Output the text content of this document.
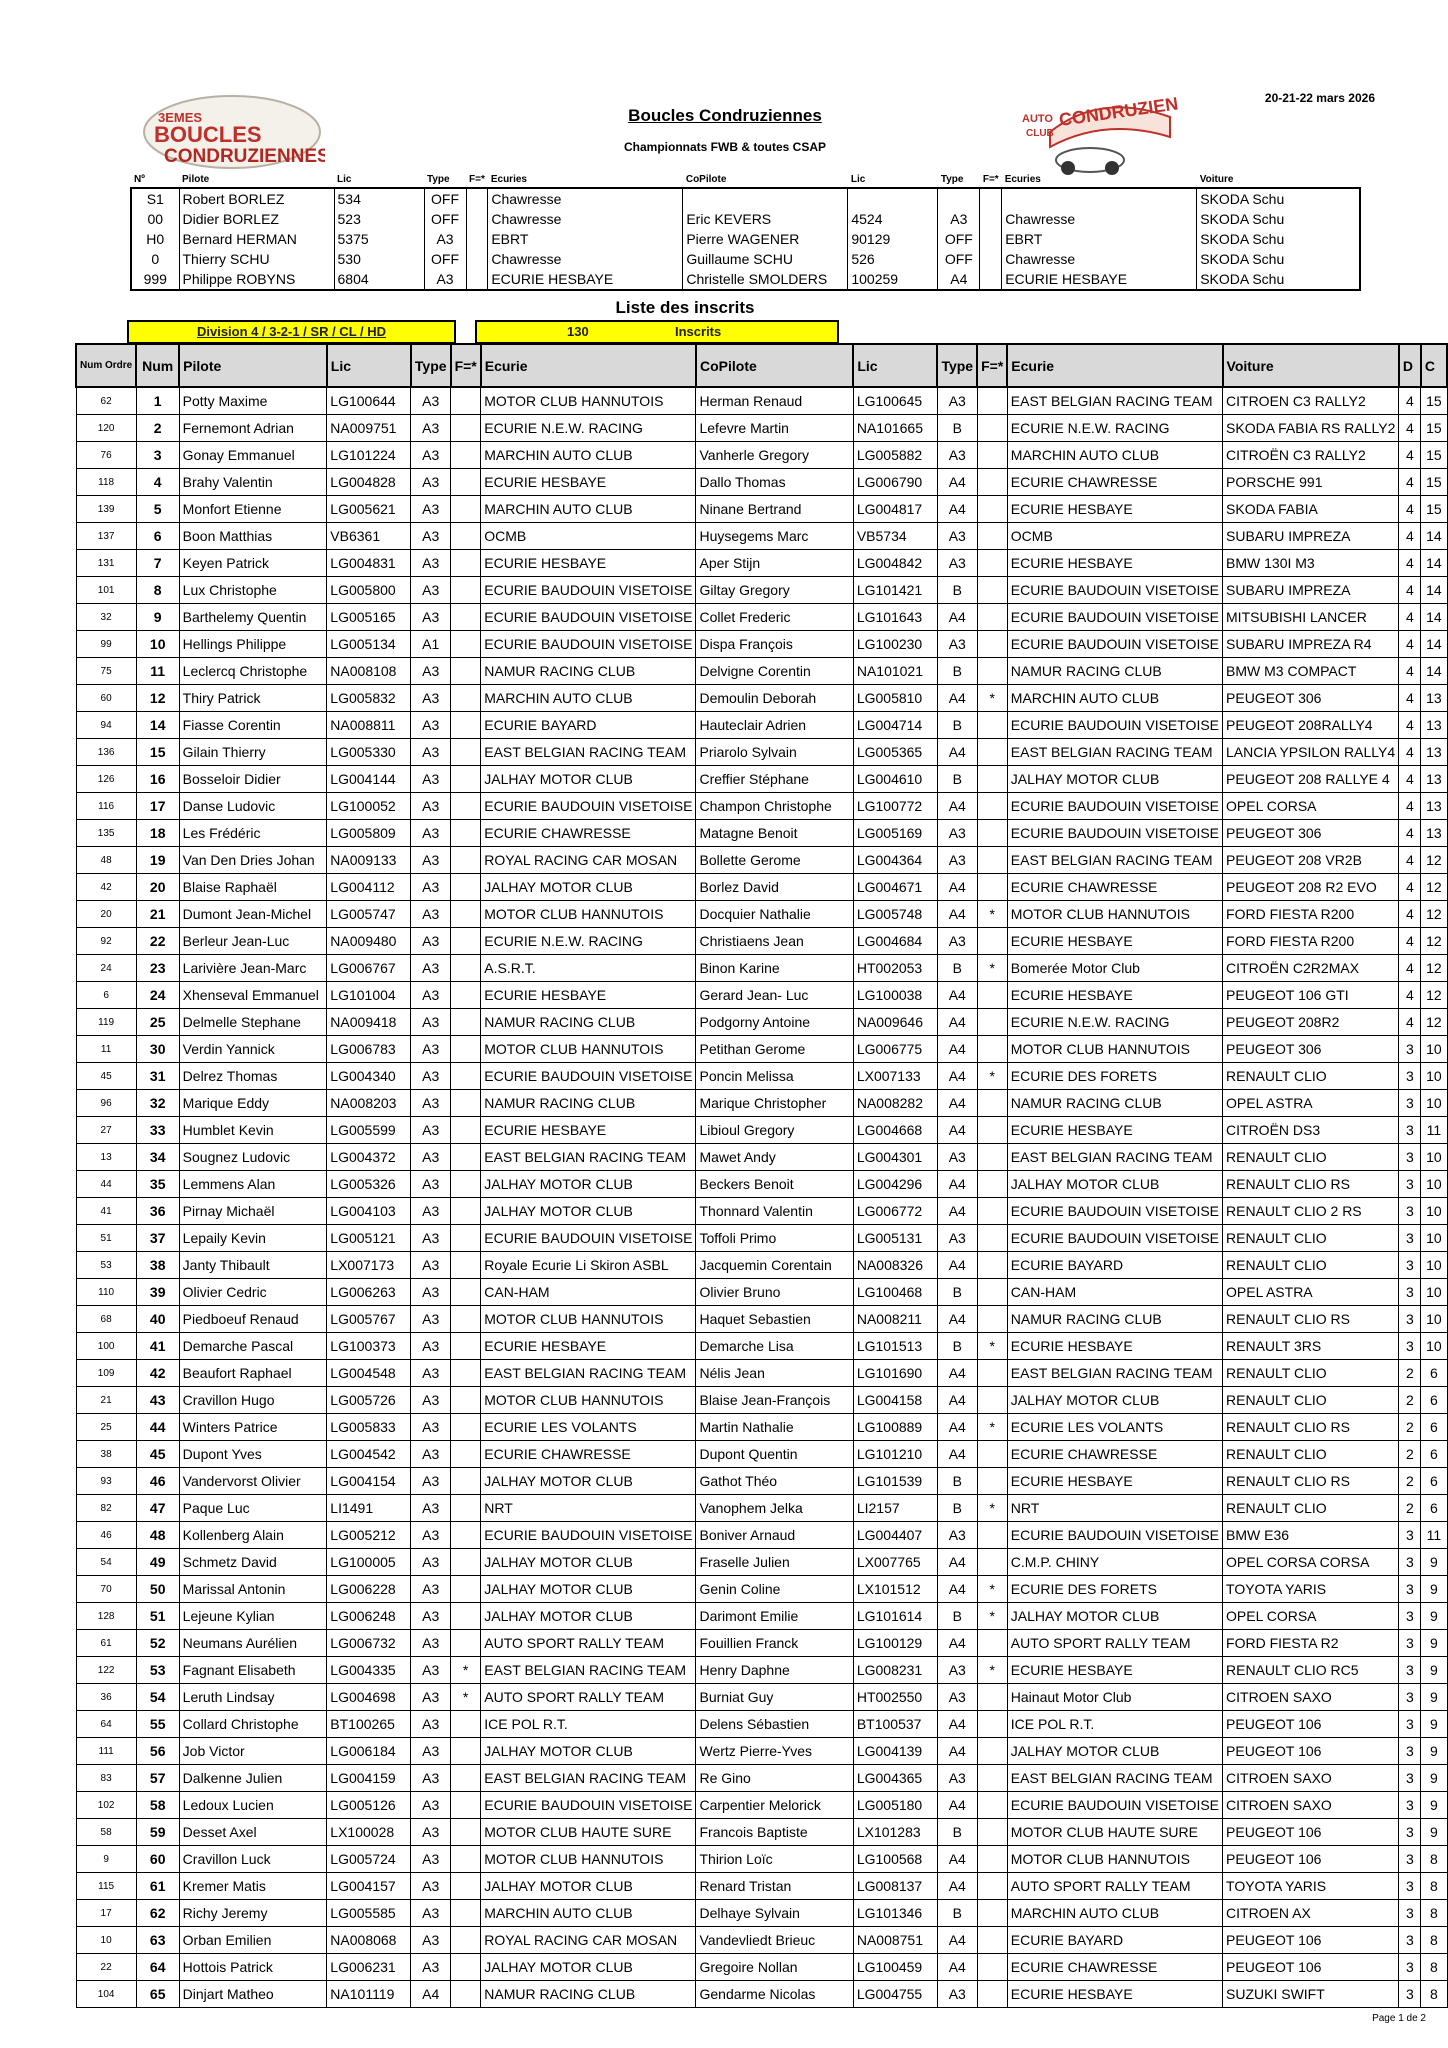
3EMES
BOUCLES
CONDRUZIENNES
AUTO
CLUB
CONDRUZIEN
Boucles Condruziennes
Championnats FWB & toutes CSAP
20-21-22 mars 2026
Nº	Pilote	Lic	Type	F=*	Ecuries	CoPilote	Lic	Type	F=*	Ecuries	Voiture
S1	Robert BORLEZ	534	OFF		Chawresse						SKODA Schu
00	Didier BORLEZ	523	OFF		Chawresse	Eric KEVERS	4524	A3		Chawresse	SKODA Schu
H0	Bernard HERMAN	5375	A3		EBRT	Pierre WAGENER	90129	OFF		EBRT	SKODA Schu
0	Thierry SCHU	530	OFF		Chawresse	Guillaume SCHU	526	OFF		Chawresse	SKODA Schu
999	Philippe ROBYNS	6804	A3		ECURIE HESBAYE	Christelle SMOLDERS	100259	A4		ECURIE HESBAYE	SKODA Schu
Liste des inscrits
Division 4 / 3-2-1 / SR / CL / HD	130	Inscrits
Num Ordre	Num	Pilote	Lic	Type	F=*	Ecurie	CoPilote	Lic	Type	F=*	Ecurie	Voiture	D	C
62	1	Potty Maxime	LG100644	A3		MOTOR CLUB HANNUTOIS	Herman Renaud	LG100645	A3		EAST BELGIAN RACING TEAM	CITROEN C3 RALLY2	4	15
120	2	Fernemont Adrian	NA009751	A3		ECURIE N.E.W. RACING	Lefevre Martin	NA101665	B		ECURIE N.E.W. RACING	SKODA FABIA RS RALLY2	4	15
76	3	Gonay Emmanuel	LG101224	A3		MARCHIN AUTO CLUB	Vanherle Gregory	LG005882	A3		MARCHIN AUTO CLUB	CITROËN C3 RALLY2	4	15
118	4	Brahy Valentin	LG004828	A3		ECURIE HESBAYE	Dallo Thomas	LG006790	A4		ECURIE CHAWRESSE	PORSCHE 991	4	15
139	5	Monfort Etienne	LG005621	A3		MARCHIN AUTO CLUB	Ninane Bertrand	LG004817	A4		ECURIE HESBAYE	SKODA FABIA	4	15
137	6	Boon Matthias	VB6361	A3		OCMB	Huysegems Marc	VB5734	A3		OCMB	SUBARU IMPREZA	4	14
131	7	Keyen Patrick	LG004831	A3		ECURIE HESBAYE	Aper Stijn	LG004842	A3		ECURIE HESBAYE	BMW 130I M3	4	14
101	8	Lux Christophe	LG005800	A3		ECURIE BAUDOUIN VISETOISE	Giltay Gregory	LG101421	B		ECURIE BAUDOUIN VISETOISE	SUBARU IMPREZA	4	14
32	9	Barthelemy Quentin	LG005165	A3		ECURIE BAUDOUIN VISETOISE	Collet Frederic	LG101643	A4		ECURIE BAUDOUIN VISETOISE	MITSUBISHI LANCER	4	14
99	10	Hellings Philippe	LG005134	A1		ECURIE BAUDOUIN VISETOISE	Dispa François	LG100230	A3		ECURIE BAUDOUIN VISETOISE	SUBARU IMPREZA R4	4	14
75	11	Leclercq Christophe	NA008108	A3		NAMUR RACING CLUB	Delvigne Corentin	NA101021	B		NAMUR RACING CLUB	BMW M3 COMPACT	4	14
60	12	Thiry Patrick	LG005832	A3		MARCHIN AUTO CLUB	Demoulin Deborah	LG005810	A4	*	MARCHIN AUTO CLUB	PEUGEOT 306	4	13
94	14	Fiasse Corentin	NA008811	A3		ECURIE BAYARD	Hauteclair Adrien	LG004714	B		ECURIE BAUDOUIN VISETOISE	PEUGEOT 208RALLY4	4	13
136	15	Gilain Thierry	LG005330	A3		EAST BELGIAN RACING TEAM	Priarolo Sylvain	LG005365	A4		EAST BELGIAN RACING TEAM	LANCIA YPSILON RALLY4	4	13
126	16	Bosseloir Didier	LG004144	A3		JALHAY MOTOR CLUB	Creffier Stéphane	LG004610	B		JALHAY MOTOR CLUB	PEUGEOT 208 RALLYE 4	4	13
116	17	Danse Ludovic	LG100052	A3		ECURIE BAUDOUIN VISETOISE	Champon Christophe	LG100772	A4		ECURIE BAUDOUIN VISETOISE	OPEL CORSA	4	13
135	18	Les Frédéric	LG005809	A3		ECURIE CHAWRESSE	Matagne Benoit	LG005169	A3		ECURIE BAUDOUIN VISETOISE	PEUGEOT 306	4	13
48	19	Van Den Dries Johan	NA009133	A3		ROYAL RACING CAR MOSAN	Bollette Gerome	LG004364	A3		EAST BELGIAN RACING TEAM	PEUGEOT 208 VR2B	4	12
42	20	Blaise Raphaël	LG004112	A3		JALHAY MOTOR CLUB	Borlez David	LG004671	A4		ECURIE CHAWRESSE	PEUGEOT 208 R2 EVO	4	12
20	21	Dumont Jean-Michel	LG005747	A3		MOTOR CLUB HANNUTOIS	Docquier Nathalie	LG005748	A4	*	MOTOR CLUB HANNUTOIS	FORD FIESTA R200	4	12
92	22	Berleur Jean-Luc	NA009480	A3		ECURIE N.E.W. RACING	Christiaens Jean	LG004684	A3		ECURIE HESBAYE	FORD FIESTA R200	4	12
24	23	Larivière Jean-Marc	LG006767	A3		A.S.R.T.	Binon Karine	HT002053	B	*	Bomerée Motor Club	CITROËN C2R2MAX	4	12
6	24	Xhenseval Emmanuel	LG101004	A3		ECURIE HESBAYE	Gerard Jean- Luc	LG100038	A4		ECURIE HESBAYE	PEUGEOT 106 GTI	4	12
119	25	Delmelle Stephane	NA009418	A3		NAMUR RACING CLUB	Podgorny Antoine	NA009646	A4		ECURIE N.E.W. RACING	PEUGEOT 208R2	4	12
11	30	Verdin Yannick	LG006783	A3		MOTOR CLUB HANNUTOIS	Petithan Gerome	LG006775	A4		MOTOR CLUB HANNUTOIS	PEUGEOT 306	3	10
45	31	Delrez Thomas	LG004340	A3		ECURIE BAUDOUIN VISETOISE	Poncin Melissa	LX007133	A4	*	ECURIE DES FORETS	RENAULT CLIO	3	10
96	32	Marique Eddy	NA008203	A3		NAMUR RACING CLUB	Marique Christopher	NA008282	A4		NAMUR RACING CLUB	OPEL ASTRA	3	10
27	33	Humblet Kevin	LG005599	A3		ECURIE HESBAYE	Libioul Gregory	LG004668	A4		ECURIE HESBAYE	CITROËN DS3	3	11
13	34	Sougnez Ludovic	LG004372	A3		EAST BELGIAN RACING TEAM	Mawet Andy	LG004301	A3		EAST BELGIAN RACING TEAM	RENAULT CLIO	3	10
44	35	Lemmens Alan	LG005326	A3		JALHAY MOTOR CLUB	Beckers Benoit	LG004296	A4		JALHAY MOTOR CLUB	RENAULT CLIO RS	3	10
41	36	Pirnay Michaël	LG004103	A3		JALHAY MOTOR CLUB	Thonnard Valentin	LG006772	A4		ECURIE BAUDOUIN VISETOISE	RENAULT CLIO 2 RS	3	10
51	37	Lepaily Kevin	LG005121	A3		ECURIE BAUDOUIN VISETOISE	Toffoli Primo	LG005131	A3		ECURIE BAUDOUIN VISETOISE	RENAULT CLIO	3	10
53	38	Janty Thibault	LX007173	A3		Royale Ecurie Li Skiron ASBL	Jacquemin Corentain	NA008326	A4		ECURIE BAYARD	RENAULT CLIO	3	10
110	39	Olivier Cedric	LG006263	A3		CAN-HAM	Olivier Bruno	LG100468	B		CAN-HAM	OPEL ASTRA	3	10
68	40	Piedboeuf Renaud	LG005767	A3		MOTOR CLUB HANNUTOIS	Haquet Sebastien	NA008211	A4		NAMUR RACING CLUB	RENAULT CLIO RS	3	10
100	41	Demarche Pascal	LG100373	A3		ECURIE HESBAYE	Demarche Lisa	LG101513	B	*	ECURIE HESBAYE	RENAULT 3RS	3	10
109	42	Beaufort Raphael	LG004548	A3		EAST BELGIAN RACING TEAM	Nélis Jean	LG101690	A4		EAST BELGIAN RACING TEAM	RENAULT CLIO	2	6
21	43	Cravillon Hugo	LG005726	A3		MOTOR CLUB HANNUTOIS	Blaise Jean-François	LG004158	A4		JALHAY MOTOR CLUB	RENAULT CLIO	2	6
25	44	Winters Patrice	LG005833	A3		ECURIE LES VOLANTS	Martin Nathalie	LG100889	A4	*	ECURIE LES VOLANTS	RENAULT CLIO RS	2	6
38	45	Dupont Yves	LG004542	A3		ECURIE CHAWRESSE	Dupont Quentin	LG101210	A4		ECURIE CHAWRESSE	RENAULT CLIO	2	6
93	46	Vandervorst Olivier	LG004154	A3		JALHAY MOTOR CLUB	Gathot Théo	LG101539	B		ECURIE HESBAYE	RENAULT CLIO RS	2	6
82	47	Paque Luc	LI1491	A3		NRT	Vanophem Jelka	LI2157	B	*	NRT	RENAULT CLIO	2	6
46	48	Kollenberg Alain	LG005212	A3		ECURIE BAUDOUIN VISETOISE	Boniver Arnaud	LG004407	A3		ECURIE BAUDOUIN VISETOISE	BMW E36	3	11
54	49	Schmetz David	LG100005	A3		JALHAY MOTOR CLUB	Fraselle Julien	LX007765	A4		C.M.P. CHINY	OPEL CORSA CORSA	3	9
70	50	Marissal Antonin	LG006228	A3		JALHAY MOTOR CLUB	Genin Coline	LX101512	A4	*	ECURIE DES FORETS	TOYOTA YARIS	3	9
128	51	Lejeune Kylian	LG006248	A3		JALHAY MOTOR CLUB	Darimont Emilie	LG101614	B	*	JALHAY MOTOR CLUB	OPEL CORSA	3	9
61	52	Neumans Aurélien	LG006732	A3		AUTO SPORT RALLY TEAM	Fouillien Franck	LG100129	A4		AUTO SPORT RALLY TEAM	FORD FIESTA R2	3	9
122	53	Fagnant Elisabeth	LG004335	A3	*	EAST BELGIAN RACING TEAM	Henry Daphne	LG008231	A3	*	ECURIE HESBAYE	RENAULT CLIO RC5	3	9
36	54	Leruth Lindsay	LG004698	A3	*	AUTO SPORT RALLY TEAM	Burniat Guy	HT002550	A3		Hainaut Motor Club	CITROEN SAXO	3	9
64	55	Collard Christophe	BT100265	A3		ICE POL R.T.	Delens Sébastien	BT100537	A4		ICE POL R.T.	PEUGEOT 106	3	9
111	56	Job Victor	LG006184	A3		JALHAY MOTOR CLUB	Wertz Pierre-Yves	LG004139	A4		JALHAY MOTOR CLUB	PEUGEOT 106	3	9
83	57	Dalkenne Julien	LG004159	A3		EAST BELGIAN RACING TEAM	Re Gino	LG004365	A3		EAST BELGIAN RACING TEAM	CITROEN SAXO	3	9
102	58	Ledoux Lucien	LG005126	A3		ECURIE BAUDOUIN VISETOISE	Carpentier Melorick	LG005180	A4		ECURIE BAUDOUIN VISETOISE	CITROEN SAXO	3	9
58	59	Desset Axel	LX100028	A3		MOTOR CLUB HAUTE SURE	Francois Baptiste	LX101283	B		MOTOR CLUB HAUTE SURE	PEUGEOT 106	3	9
9	60	Cravillon Luck	LG005724	A3		MOTOR CLUB HANNUTOIS	Thirion Loïc	LG100568	A4		MOTOR CLUB HANNUTOIS	PEUGEOT 106	3	8
115	61	Kremer Matis	LG004157	A3		JALHAY MOTOR CLUB	Renard Tristan	LG008137	A4		AUTO SPORT RALLY TEAM	TOYOTA YARIS	3	8
17	62	Richy Jeremy	LG005585	A3		MARCHIN AUTO CLUB	Delhaye Sylvain	LG101346	B		MARCHIN AUTO CLUB	CITROEN AX	3	8
10	63	Orban Emilien	NA008068	A3		ROYAL RACING CAR MOSAN	Vandevliedt Brieuc	NA008751	A4		ECURIE BAYARD	PEUGEOT 106	3	8
22	64	Hottois Patrick	LG006231	A3		JALHAY MOTOR CLUB	Gregoire Nollan	LG100459	A4		ECURIE CHAWRESSE	PEUGEOT 106	3	8
104	65	Dinjart Matheo	NA101119	A4		NAMUR RACING CLUB	Gendarme Nicolas	LG004755	A3		ECURIE HESBAYE	SUZUKI SWIFT	3	8
Page 1 de 2
